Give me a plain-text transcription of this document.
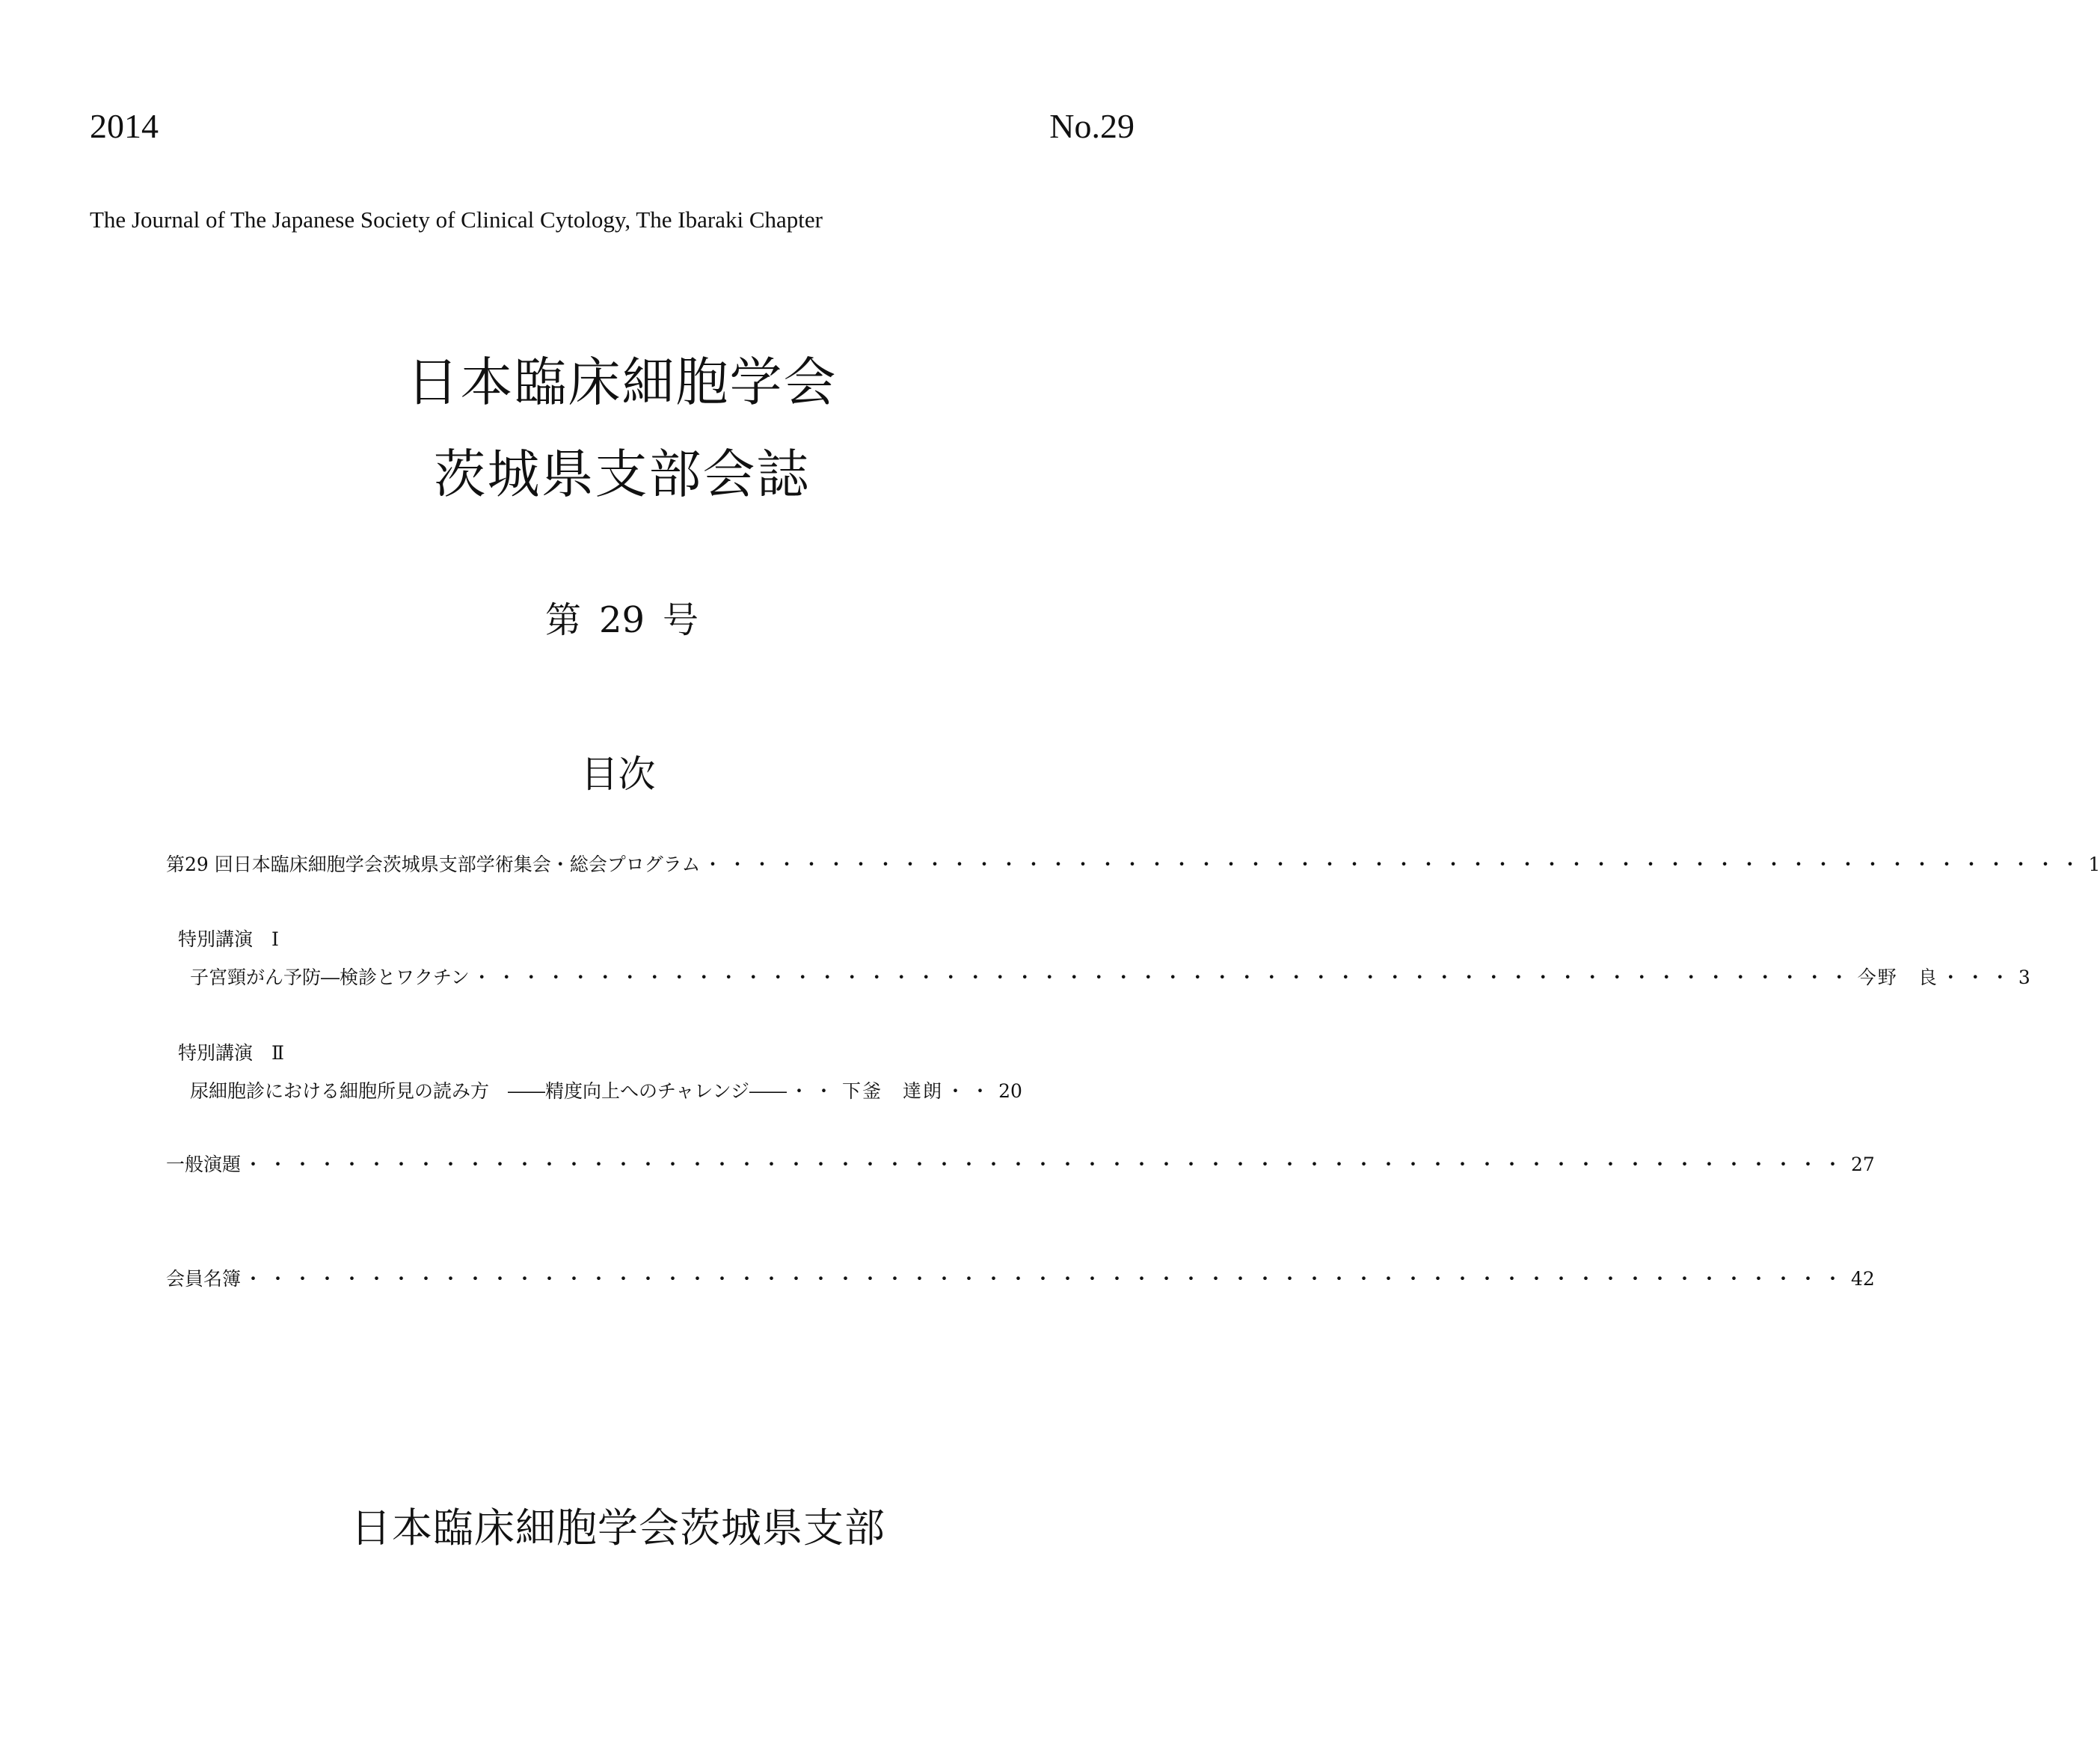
2014	No.29
The Journal of The Japanese Society of Clinical Cytology, The Ibaraki Chapter
日本臨床細胞学会
茨城県支部会誌
第 29 号
目次
第29 回日本臨床細胞学会茨城県支部学術集会・総会プログラム ・・・・・・・・・・・・・・・・・・・・・・・・・・・・・・・・・・・・・・・・・・・・・・・・・・・・・・・・ 1
特別講演　Ⅰ
子宮頸がん予防―検診とワクチン ・・・・・・・・・・・・・・・・・・・・・・・・・・・・・・・・・・・・・・・・・・・・・・・・・・・・・・・・ 今野　良 ・・・ 3
特別講演　Ⅱ
尿細胞診における細胞所見の読み方　――精度向上へのチャレンジ―― ・・ 下釜　達朗 ・・ 20
一般演題 ・・・・・・・・・・・・・・・・・・・・・・・・・・・・・・・・・・・・・・・・・・・・・・・・・・・・・・・・・・・・・・・・・ 27
会員名簿 ・・・・・・・・・・・・・・・・・・・・・・・・・・・・・・・・・・・・・・・・・・・・・・・・・・・・・・・・・・・・・・・・・ 42
日本臨床細胞学会茨城県支部
